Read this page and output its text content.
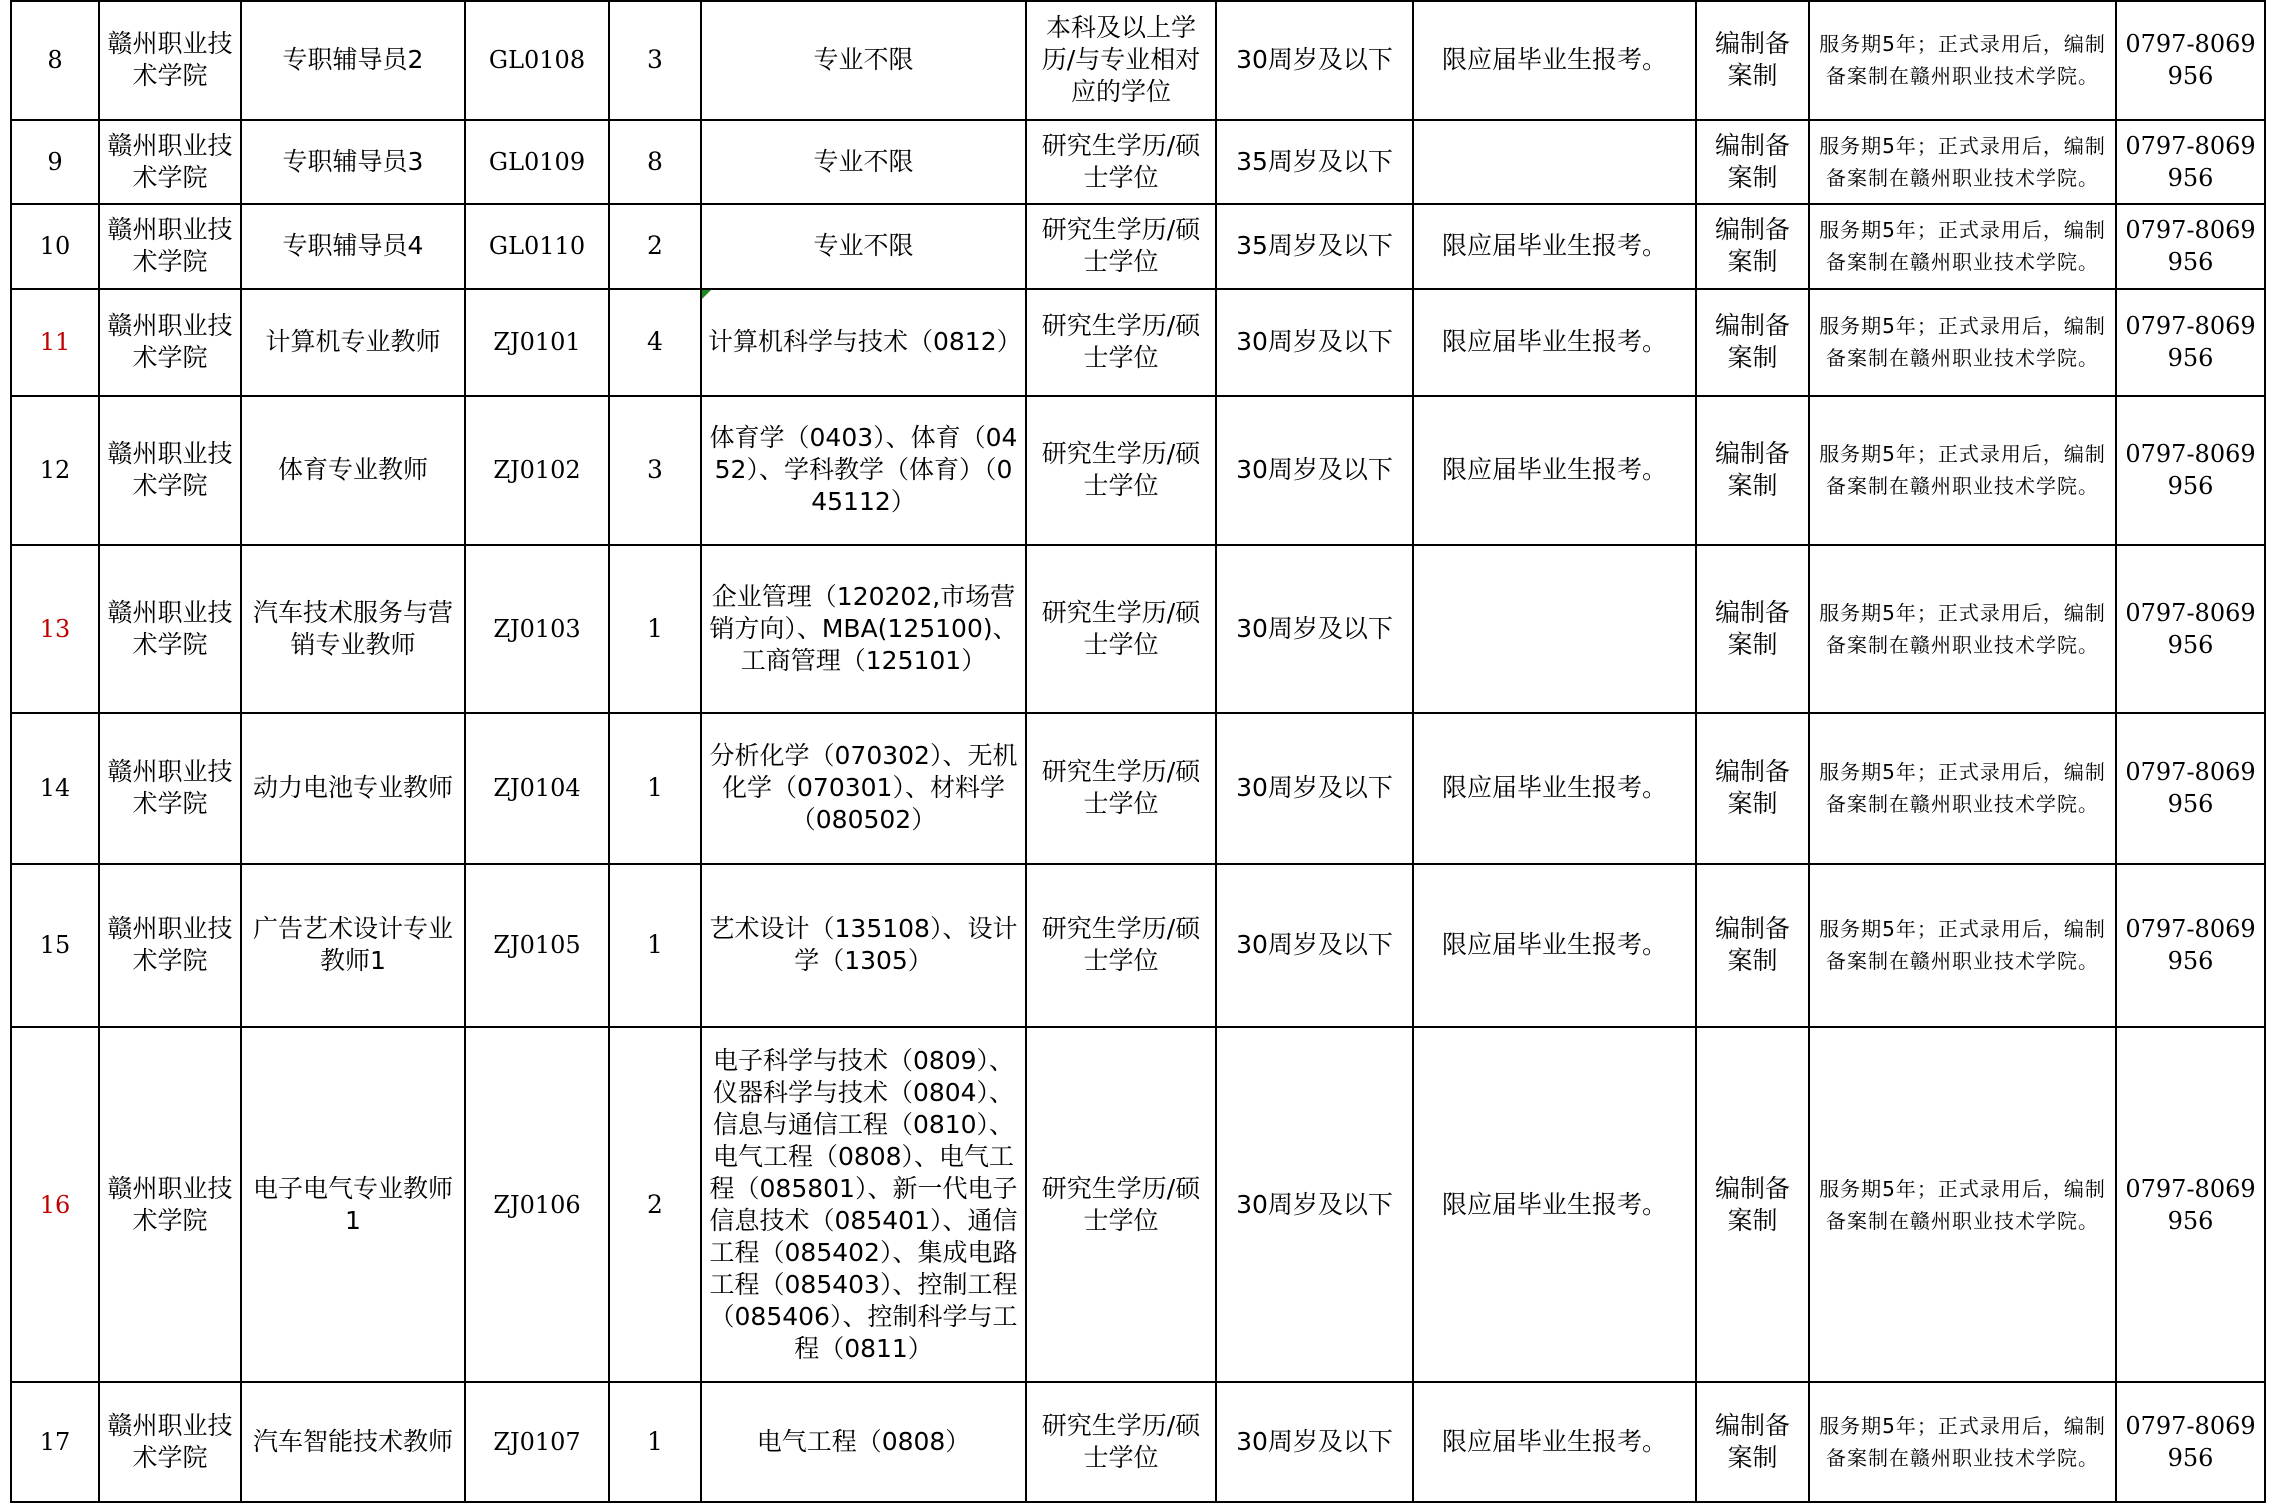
8	赣州职业技术学院	专职辅导员2	GL0108	3	专业不限	本科及以上学历/与专业相对应的学位	30周岁及以下	限应届毕业生报考。	编制备案制	服务期5年；正式录用后，编制备案制在赣州职业技术学院。	0797-8069956
9	赣州职业技术学院	专职辅导员3	GL0109	8	专业不限	研究生学历/硕士学位	35周岁及以下		编制备案制	服务期5年；正式录用后，编制备案制在赣州职业技术学院。	0797-8069956
10	赣州职业技术学院	专职辅导员4	GL0110	2	专业不限	研究生学历/硕士学位	35周岁及以下	限应届毕业生报考。	编制备案制	服务期5年；正式录用后，编制备案制在赣州职业技术学院。	0797-8069956
11	赣州职业技术学院	计算机专业教师	ZJ0101	4	计算机科学与技术（0812）	研究生学历/硕士学位	30周岁及以下	限应届毕业生报考。	编制备案制	服务期5年；正式录用后，编制备案制在赣州职业技术学院。	0797-8069956
12	赣州职业技术学院	体育专业教师	ZJ0102	3	体育学（0403）、体育（0452）、学科教学（体育）（045112）	研究生学历/硕士学位	30周岁及以下	限应届毕业生报考。	编制备案制	服务期5年；正式录用后，编制备案制在赣州职业技术学院。	0797-8069956
13	赣州职业技术学院	汽车技术服务与营销专业教师	ZJ0103	1	企业管理（120202,市场营销方向）、MBA(125100)、工商管理（125101）	研究生学历/硕士学位	30周岁及以下		编制备案制	服务期5年；正式录用后，编制备案制在赣州职业技术学院。	0797-8069956
14	赣州职业技术学院	动力电池专业教师	ZJ0104	1	分析化学（070302）、无机化学（070301）、材料学（080502）	研究生学历/硕士学位	30周岁及以下	限应届毕业生报考。	编制备案制	服务期5年；正式录用后，编制备案制在赣州职业技术学院。	0797-8069956
15	赣州职业技术学院	广告艺术设计专业教师1	ZJ0105	1	艺术设计（135108）、设计学（1305）	研究生学历/硕士学位	30周岁及以下	限应届毕业生报考。	编制备案制	服务期5年；正式录用后，编制备案制在赣州职业技术学院。	0797-8069956
16	赣州职业技术学院	电子电气专业教师1	ZJ0106	2	电子科学与技术（0809）、仪器科学与技术（0804）、信息与通信工程（0810）、电气工程（0808）、电气工程（085801）、新一代电子信息技术（085401）、通信工程（085402）、集成电路工程（085403）、控制工程（085406）、控制科学与工程（0811）	研究生学历/硕士学位	30周岁及以下	限应届毕业生报考。	编制备案制	服务期5年；正式录用后，编制备案制在赣州职业技术学院。	0797-8069956
17	赣州职业技术学院	汽车智能技术教师	ZJ0107	1	电气工程（0808）	研究生学历/硕士学位	30周岁及以下	限应届毕业生报考。	编制备案制	服务期5年；正式录用后，编制备案制在赣州职业技术学院。	0797-8069956
